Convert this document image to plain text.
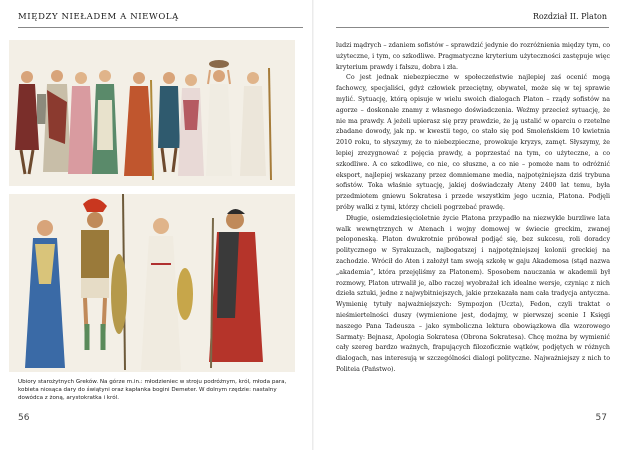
MIĘDZY NIEŁADEM A NIEWOLĄ
Ubiory starożytnych Greków. Na górze m.in.: młodzieniec w stroju podróżnym, król, młoda para, kobieta niosąca dary do świątyni oraz kapłanka bogini Demeter. W dolnym rzędzie: nastalny dowódca z żoną, arystokratka i król.
56
Rozdział II. Platon

ludzi mądrych – zdaniem sofistów – sprawdzić jedynie do rozróżnienia między tym, co użyteczne, i tym, co szkodliwe. Pragmatyczne kryterium użyteczności zastępuje więc kryterium prawdy i fałszu, dobra i zła.

Co jest jednak niebezpieczne w społeczeństwie najlepiej zaś ocenić mogą fachowcy, specjaliści, gdyż człowiek przeciętny, obywatel, może się w tej sprawie mylić. Sytuację, którą opisuje w wielu swoich dialogach Platon – rządy sofistów na agorze – doskonale znamy z własnego doświadczenia. Weźmy przecież sytuację, że nie ma prawdy. A jeżeli upierasz się przy prawdzie, że ją ustalić w oparciu o rzetelne zbadane dowody, jak np. w kwestii tego, co stało się pod Smoleńskiem 10 kwietnia 2010 roku, to słyszymy, że to niebezpieczne, prowokuje kryzys, zamęt. Słyszymy, że lepiej zrezygnować z pojęcia prawdy, a poprzestać na tym, co użyteczne, a co szkodliwe. A co szkodliwe, co nie, co słuszne, a co nie – pomoże nam to odróżnić eksport, najlepiej wskazany przez domniemane media, najpotężniejsza dziś trybuna sofistów. Toka właśnie sytuację, jakiej doświadczały Ateny 2400 lat temu, była przedmiotem gniewu Sokratesa i przede wszystkim jego ucznia, Platona. Podjęli próby walki z tymi, którzy chcieli pogrzebać prawdę.

Długie, osiemdziesięcioletnie życie Platona przypadło na niezwykle burzliwe lata walk wewnętrznych w Atenach i wojny domowej w świecie greckim, zwanej peloponeską. Platon dwukrotnie próbował podjąć się, bez sukcesu, roli doradcy politycznego w Syrakuzach, najbogatszej i najpotężniejszej kolonii greckiej na zachodzie. Wrócił do Aten i założył tam swoją szkołę w gaju Akademosa (stąd nazwa „akademia”, która przejęliśmy za Platonem). Sposobem nauczania w akademii był rozmowy, Platon utrwalił je, albo raczej wyobrażał ich idealne wersje, czyniąc z nich dzieła sztuki, jedne z najwybitniejszych, jakie przekazała nam cała tradycja antyczna. Wymienię tytuły najważniejszych: Sympozjon (Uczta), Fedon, czyli traktat o nieśmiertelności duszy (wymienione jest, dodajmy, w pierwszej scenie I Księgi naszego Pana Tadeusza – jako symboliczna lektura obowiązkowa dla wzorowego Sarmaty: Bejnasz, Apologia Sokratesa (Obrona Sokratesa). Chcę można by wymienić cały szereg bardzo ważnych, frapujących filozoficznie wątków, podjętych w różnych dialogach, nas interesują w szczególności dialogi polityczne. Najważniejszy z nich to Politeia (Państwo).

57
